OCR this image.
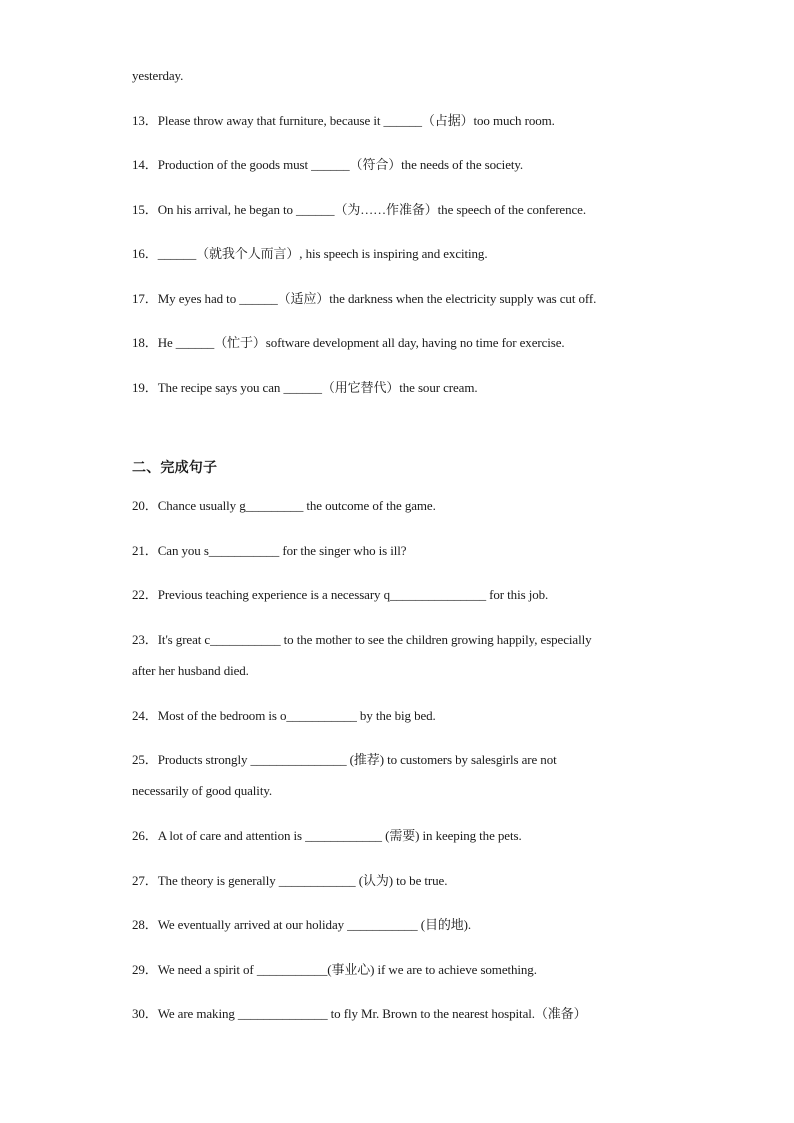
yesterday.
13．Please throw away that furniture, because it ______（占据）too much room.
14．Production of the goods must ______（符合）the needs of the society.
15．On his arrival, he began to ______（为……作准备）the speech of the conference.
16．______（就我个人而言）, his speech is inspiring and exciting.
17．My eyes had to ______（适应）the darkness when the electricity supply was cut off.
18．He ______（忙于）software development all day, having no time for exercise.
19．The recipe says you can ______（用它替代）the sour cream.
二、完成句子
20．Chance usually g_________ the outcome of the game.
21．Can you s___________ for the singer who is ill?
22．Previous teaching experience is a necessary q_______________ for this job.
23．It's great c___________ to the mother to see the children growing happily, especially
after her husband died.
24．Most of the bedroom is o___________ by the big bed.
25．Products strongly _______________ (推荐) to customers by salesgirls are not
necessarily of good quality.
26．A lot of care and attention is ____________ (需要) in keeping the pets.
27．The theory is generally ____________ (认为) to be true.
28．We eventually arrived at our holiday ___________ (目的地).
29．We need a spirit of ___________(事业心) if we are to achieve something.
30．We are making ______________ to fly Mr. Brown to the nearest hospital.（准备）
